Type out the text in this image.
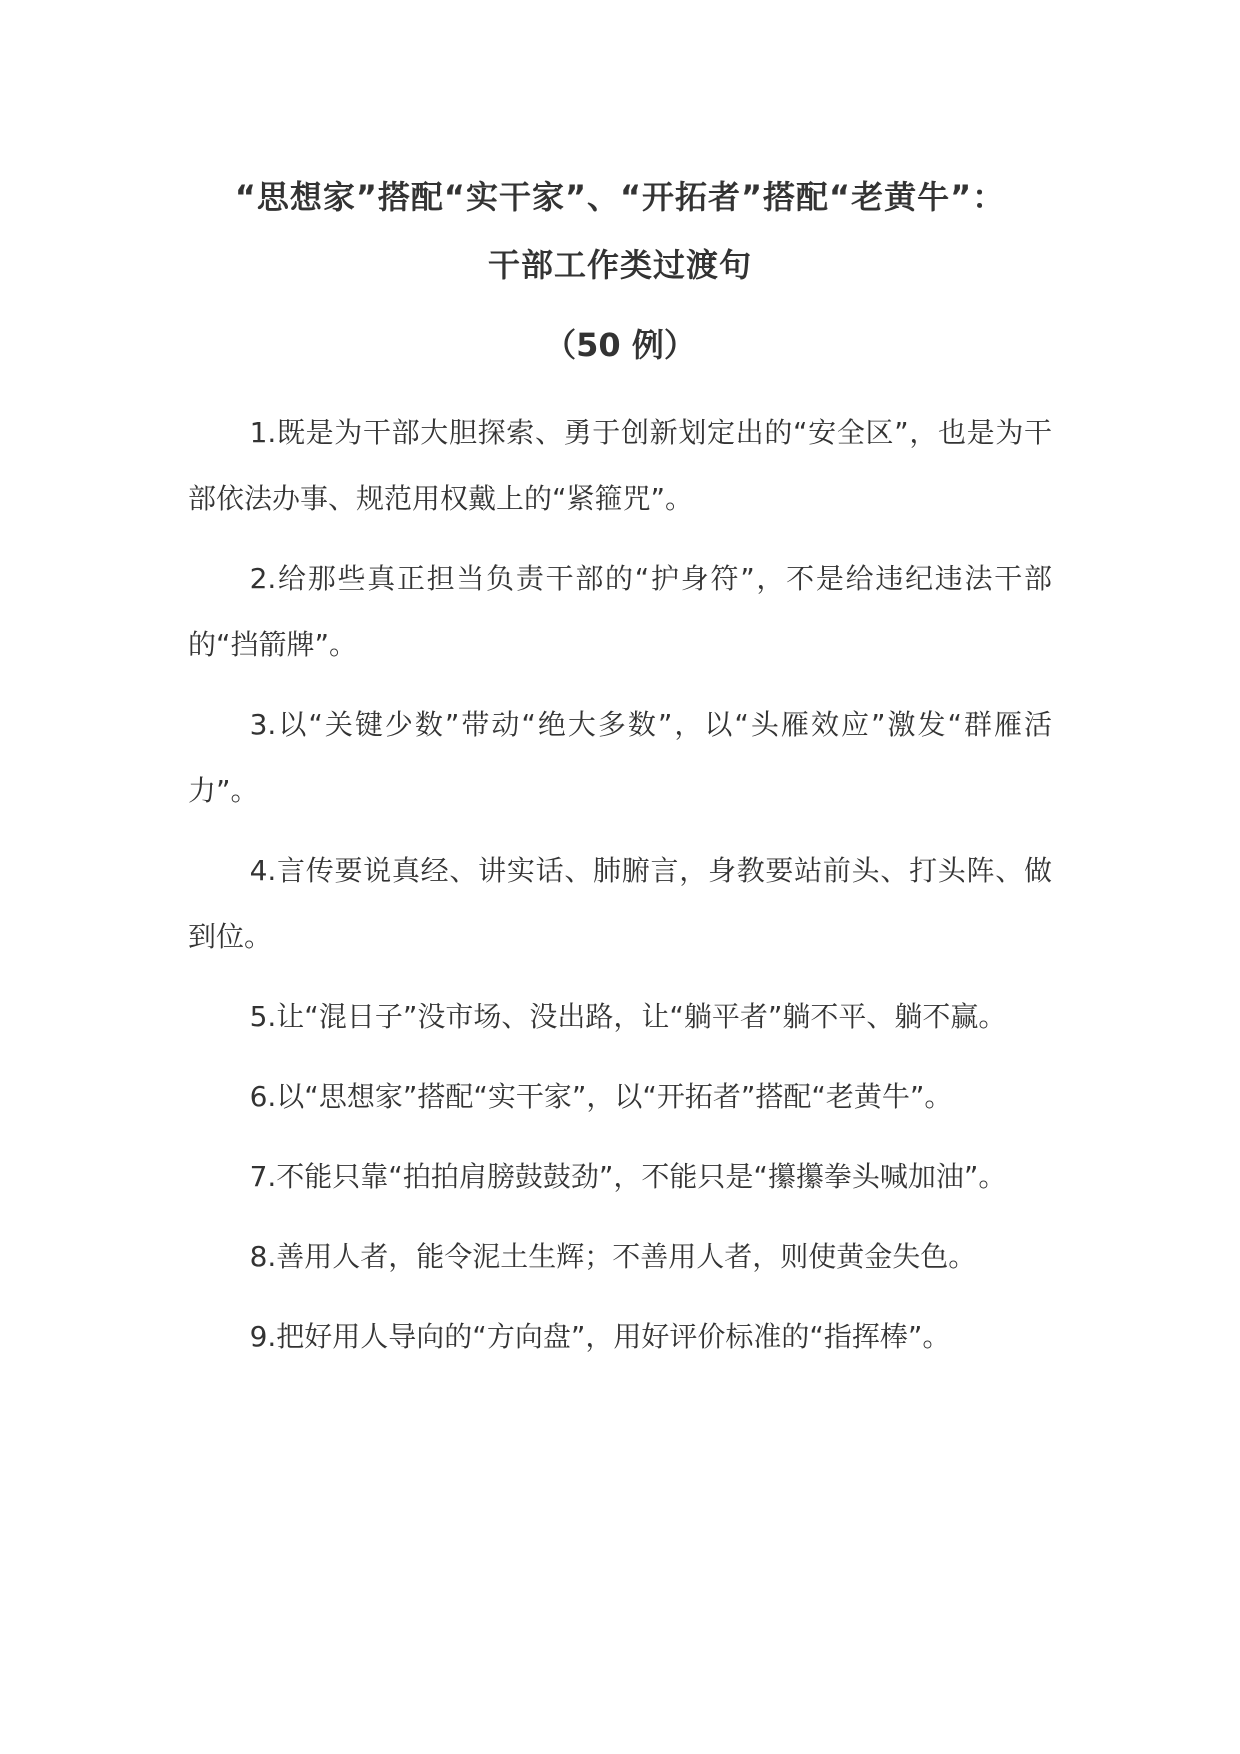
“思想家”搭配“实干家”、“开拓者”搭配“老黄牛”：
干部工作类过渡句
（50 例）

1.既是为干部大胆探索、勇于创新划定出的“安全区”，也是为干部依法办事、规范用权戴上的“紧箍咒”。

2.给那些真正担当负责干部的“护身符”，不是给违纪违法干部的“挡箭牌”。

3.以“关键少数”带动“绝大多数”，以“头雁效应”激发“群雁活力”。

4.言传要说真经、讲实话、肺腑言，身教要站前头、打头阵、做到位。

5.让“混日子”没市场、没出路，让“躺平者”躺不平、躺不赢。

6.以“思想家”搭配“实干家”，以“开拓者”搭配“老黄牛”。

7.不能只靠“拍拍肩膀鼓鼓劲”，不能只是“攥攥拳头喊加油”。

8.善用人者，能令泥土生辉；不善用人者，则使黄金失色。

9.把好用人导向的“方向盘”，用好评价标准的“指挥棒”。
